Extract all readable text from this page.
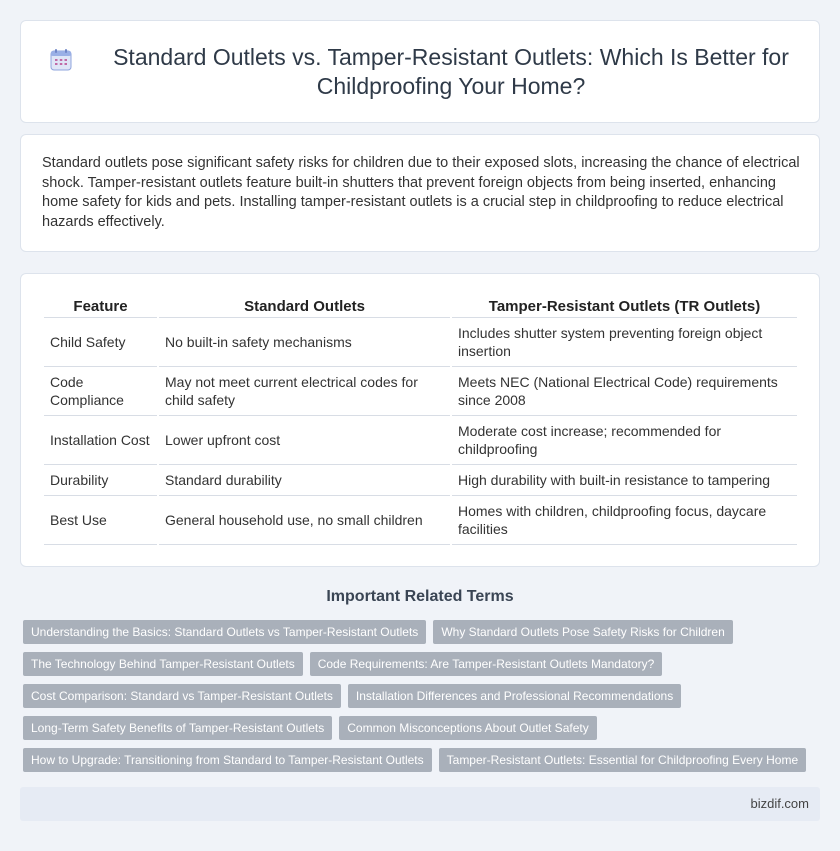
Standard Outlets vs. Tamper-Resistant Outlets: Which Is Better for Childproofing Your Home?

Standard outlets pose significant safety risks for children due to their exposed slots, increasing the chance of electrical shock. Tamper-resistant outlets feature built-in shutters that prevent foreign objects from being inserted, enhancing home safety for kids and pets. Installing tamper-resistant outlets is a crucial step in childproofing to reduce electrical hazards effectively.

Feature	Standard Outlets	Tamper-Resistant Outlets (TR Outlets)
Child Safety	No built-in safety mechanisms	Includes shutter system preventing foreign object insertion
Code Compliance	May not meet current electrical codes for child safety	Meets NEC (National Electrical Code) requirements since 2008
Installation Cost	Lower upfront cost	Moderate cost increase; recommended for childproofing
Durability	Standard durability	High durability with built-in resistance to tampering
Best Use	General household use, no small children	Homes with children, childproofing focus, daycare facilities
Important Related Terms
Understanding the Basics: Standard Outlets vs Tamper-Resistant Outlets	Why Standard Outlets Pose Safety Risks for Children
The Technology Behind Tamper-Resistant Outlets	Code Requirements: Are Tamper-Resistant Outlets Mandatory?
Cost Comparison: Standard vs Tamper-Resistant Outlets	Installation Differences and Professional Recommendations
Long-Term Safety Benefits of Tamper-Resistant Outlets	Common Misconceptions About Outlet Safety
How to Upgrade: Transitioning from Standard to Tamper-Resistant Outlets	Tamper-Resistant Outlets: Essential for Childproofing Every Home
bizdif.com
